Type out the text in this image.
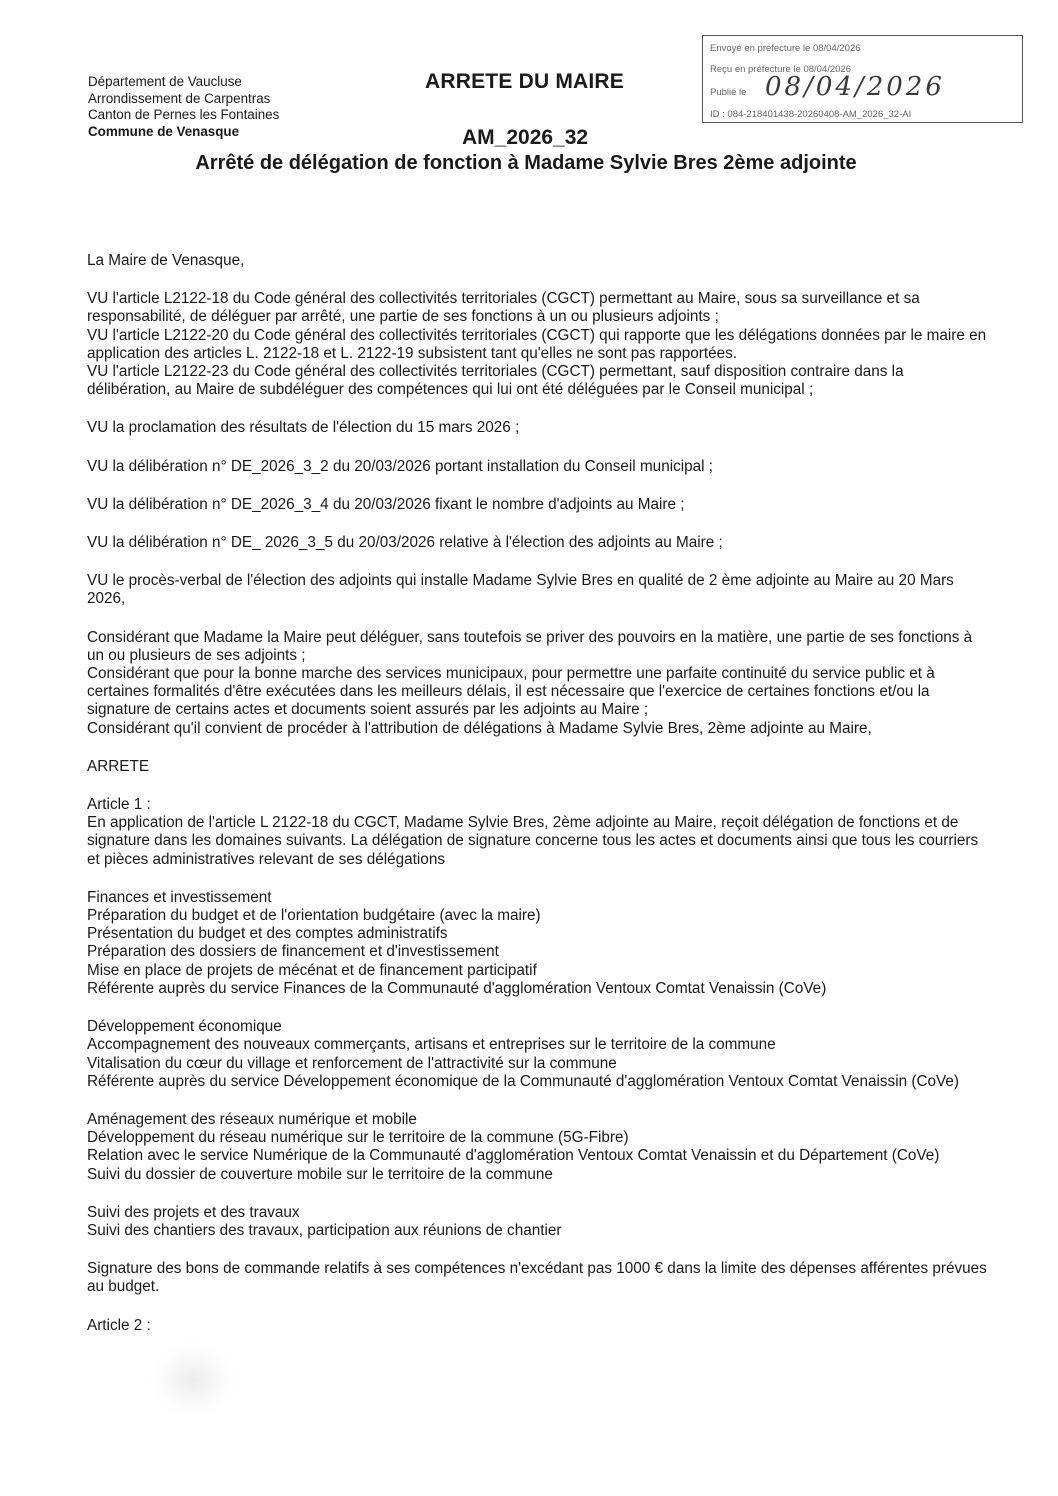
Département de Vaucluse
Arrondissement de Carpentras
Canton de Pernes les Fontaines
Commune de Venasque
ARRETE DU MAIRE
AM_2026_32
Arrêté de délégation de fonction à Madame Sylvie Bres 2ème adjointe
Envoyé en préfecture le 08/04/2026
Reçu en préfecture le 08/04/2026
Publié le 08/04/2026
ID : 084-218401438-20260408-AM_2026_32-AI

La Maire de Venasque,

VU l'article L2122-18 du Code général des collectivités territoriales (CGCT) permettant au Maire, sous sa surveillance et sa responsabilité, de déléguer par arrêté, une partie de ses fonctions à un ou plusieurs adjoints ;

VU l'article L2122-20 du Code général des collectivités territoriales (CGCT) qui rapporte que les délégations données par le maire en application des articles L. 2122-18 et L. 2122-19 subsistent tant qu'elles ne sont pas rapportées.

VU l'article L2122-23 du Code général des collectivités territoriales (CGCT) permettant, sauf disposition contraire dans la délibération, au Maire de subdéléguer des compétences qui lui ont été déléguées par le Conseil municipal ;

VU la proclamation des résultats de l'élection du 15 mars 2026 ;

VU la délibération n° DE_2026_3_2 du 20/03/2026 portant installation du Conseil municipal ;

VU la délibération n° DE_2026_3_4 du 20/03/2026 fixant le nombre d'adjoints au Maire ;

VU la délibération n° DE_ 2026_3_5 du 20/03/2026 relative à l'élection des adjoints au Maire ;

VU le procès-verbal de l'élection des adjoints qui installe Madame Sylvie Bres en qualité de 2 ème adjointe au Maire au 20 Mars 2026,

Considérant que Madame la Maire peut déléguer, sans toutefois se priver des pouvoirs en la matière, une partie de ses fonctions à un ou plusieurs de ses adjoints ;

Considérant que pour la bonne marche des services municipaux, pour permettre une parfaite continuité du service public et à certaines formalités d'être exécutées dans les meilleurs délais, il est nécessaire que l'exercice de certaines fonctions et/ou la signature de certains actes et documents soient assurés par les adjoints au Maire ;

Considérant qu'il convient de procéder à l'attribution de délégations à Madame Sylvie Bres, 2ème adjointe au Maire,

ARRETE

Article 1 :

En application de l'article L 2122-18 du CGCT, Madame Sylvie Bres, 2ème adjointe au Maire, reçoit délégation de fonctions et de signature dans les domaines suivants. La délégation de signature concerne tous les actes et documents ainsi que tous les courriers et pièces administratives relevant de ses délégations

Finances et investissement

Préparation du budget et de l'orientation budgétaire (avec la maire)

Présentation du budget et des comptes administratifs

Préparation des dossiers de financement et d'investissement

Mise en place de projets de mécénat et de financement participatif

Référente auprès du service Finances de la Communauté d'agglomération Ventoux Comtat Venaissin (CoVe)

Développement économique

Accompagnement des nouveaux commerçants, artisans et entreprises sur le territoire de la commune

Vitalisation du cœur du village et renforcement de l'attractivité sur la commune

Référente auprès du service Développement économique de la Communauté d'agglomération Ventoux Comtat Venaissin (CoVe)

Aménagement des réseaux numérique et mobile

Développement du réseau numérique sur le territoire de la commune (5G-Fibre)

Relation avec le service Numérique de la Communauté d'agglomération Ventoux Comtat Venaissin et du Département (CoVe)

Suivi du dossier de couverture mobile sur le territoire de la commune

Suivi des projets et des travaux

Suivi des chantiers des travaux, participation aux réunions de chantier

Signature des bons de commande relatifs à ses compétences n'excédant pas 1000 € dans la limite des dépenses afférentes prévues au budget.

Article 2 :
